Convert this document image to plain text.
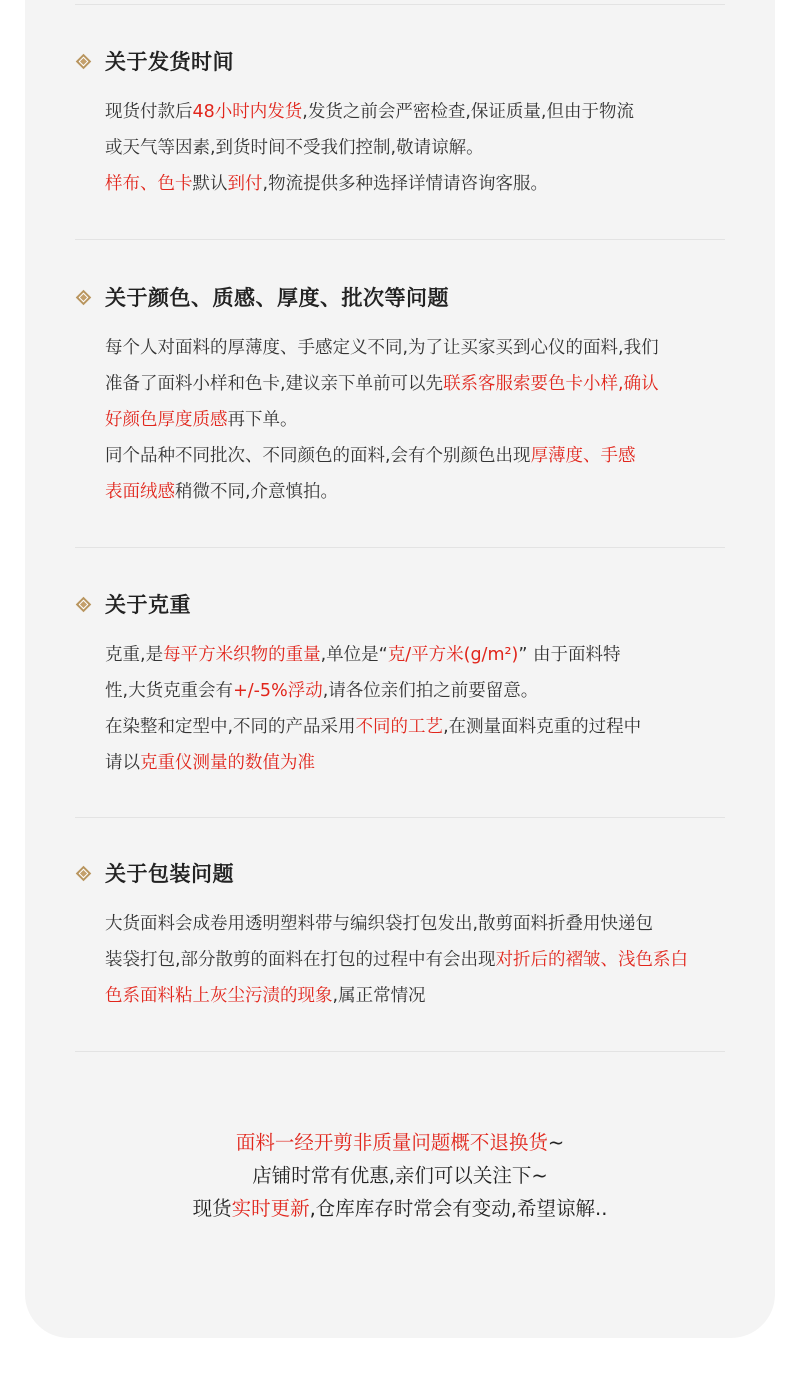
关于发货时间
现货付款后48小时内发货,发货之前会严密检查,保证质量,但由于物流
或天气等因素,到货时间不受我们控制,敬请谅解。
样布、色卡默认到付,物流提供多种选择详情请咨询客服。
关于颜色、质感、厚度、批次等问题
每个人对面料的厚薄度、手感定义不同,为了让买家买到心仪的面料,我们
准备了面料小样和色卡,建议亲下单前可以先联系客服索要色卡小样,确认
好颜色厚度质感再下单。
同个品种不同批次、不同颜色的面料,会有个别颜色出现厚薄度、手感
表面绒感稍微不同,介意慎拍。
关于克重
克重,是每平方米织物的重量,单位是“克/平方米(g/m²)” 由于面料特
性,大货克重会有+/-5%浮动,请各位亲们拍之前要留意。
在染整和定型中,不同的产品采用不同的工艺,在测量面料克重的过程中
请以克重仪测量的数值为准
关于包装问题
大货面料会成卷用透明塑料带与编织袋打包发出,散剪面料折叠用快递包
装袋打包,部分散剪的面料在打包的过程中有会出现对折后的褶皱、浅色系白
色系面料粘上灰尘污渍的现象,属正常情况
面料一经开剪非质量问题概不退换货~
店铺时常有优惠,亲们可以关注下~
现货实时更新,仓库库存时常会有变动,希望谅解..
